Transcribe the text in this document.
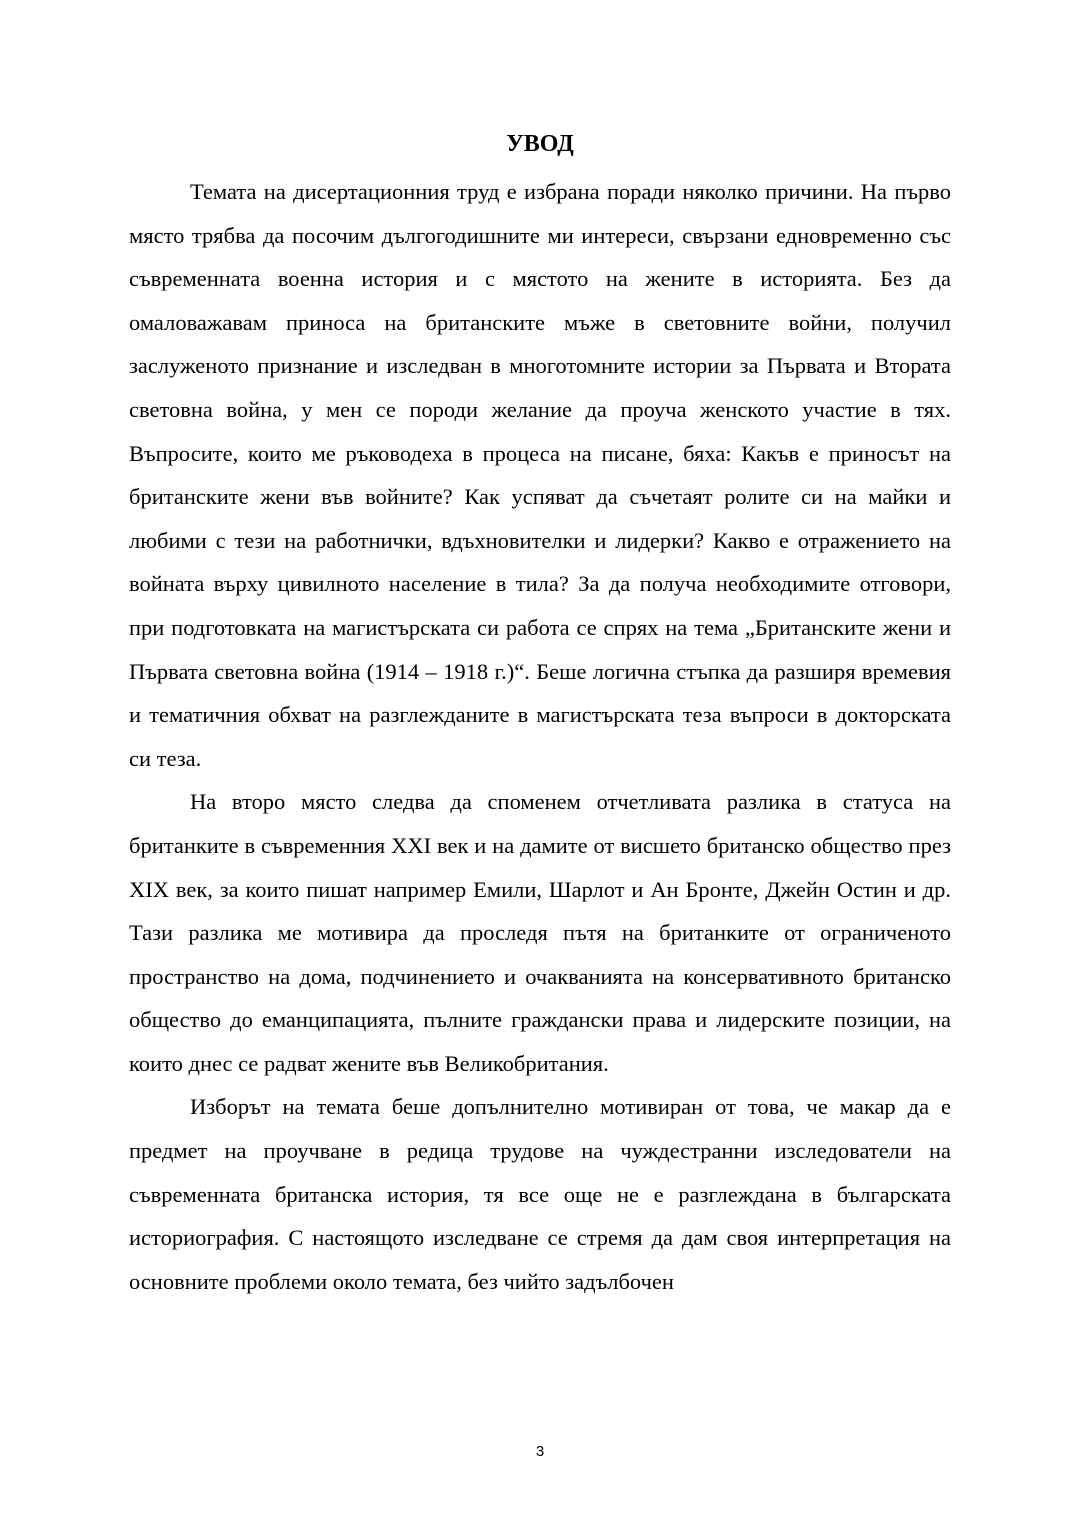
УВОД

Темата на дисертационния труд е избрана поради няколко причини. На първо място трябва да посочим дългогодишните ми интереси, свързани едновременно със съвременната военна история и с мястото на жените в историята. Без да омаловажавам приноса на британските мъже в световните войни, получил заслуженото признание и изследван в многотомните истории за Първата и Втората световна война, у мен се породи желание да проуча женското участие в тях. Въпросите, които ме ръководеха в процеса на писане, бяха: Какъв е приносът на британските жени във войните? Как успяват да съчетаят ролите си на майки и любими с тези на работнички, вдъхновителки и лидерки? Какво е отражението на войната върху цивилното население в тила? За да получа необходимите отговори, при подготовката на магистърската си работа се спрях на тема „Британските жени и Първата световна война (1914 – 1918 г.)“. Беше логична стъпка да разширя времевия и тематичния обхват на разглежданите в магистърската теза въпроси в докторската си теза.

На второ място следва да споменем отчетливата разлика в статуса на британките в съвременния XXI век и на дамите от висшето британско общество през XIX век, за които пишат например Емили, Шарлот и Ан Бронте, Джейн Остин и др. Тази разлика ме мотивира да проследя пътя на британките от ограниченото пространство на дома, подчинението и очакванията на консервативното британско общество до еманципацията, пълните граждански права и лидерските позиции, на които днес се радват жените във Великобритания.

Изборът на темата беше допълнително мотивиран от това, че макар да е предмет на проучване в редица трудове на чуждестранни изследователи на съвременната британска история, тя все още не е разглеждана в българската историография. С настоящото изследване се стремя да дам своя интерпретация на основните проблеми около темата, без чийто задълбочен

3
